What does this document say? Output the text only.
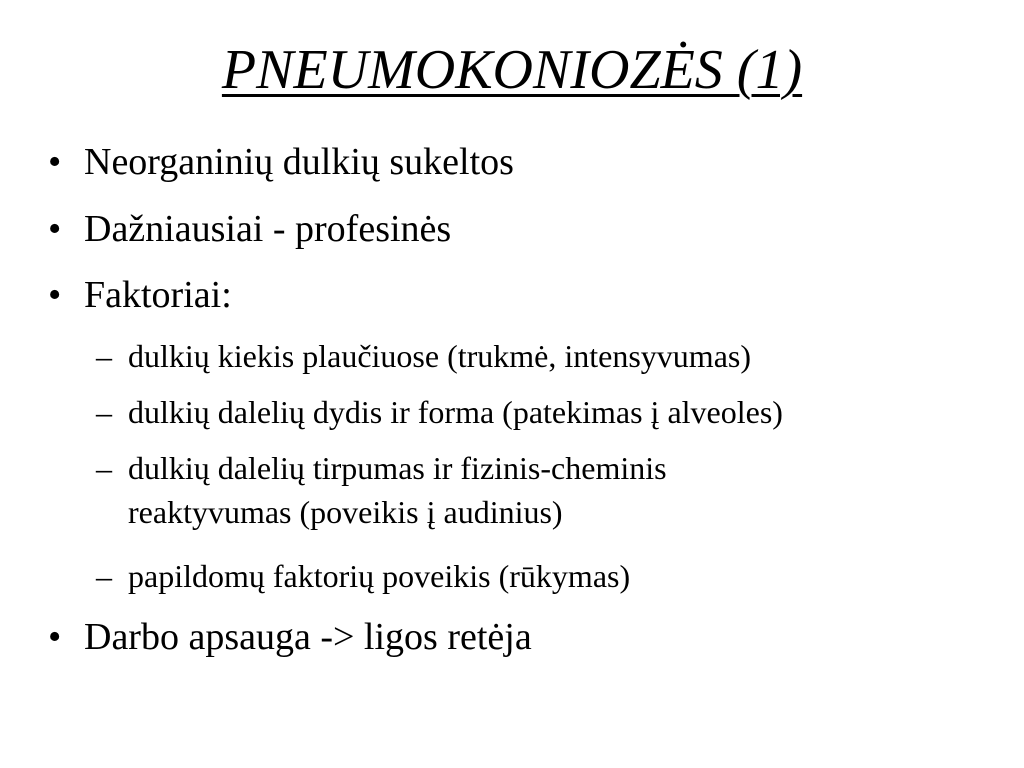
PNEUMOKONIOZĖS (1)
• Neorganinių dulkių sukeltos
• Dažniausiai - profesinės
• Faktoriai:
– dulkių kiekis plaučiuose (trukmė, intensyvumas)
– dulkių dalelių dydis ir forma (patekimas į alveoles)
– dulkių dalelių tirpumas ir fizinis-cheminis reaktyvumas (poveikis į audinius)
– papildomų faktorių poveikis (rūkymas)
• Darbo apsauga -> ligos retėja
